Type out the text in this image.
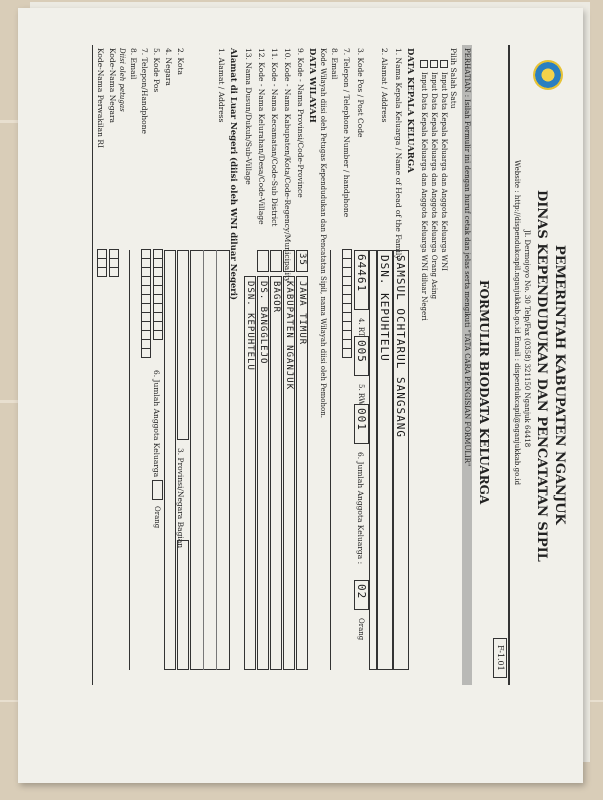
PEMERINTAH KABUPATEN NGANJUK
DINAS KEPENDUDUKAN DAN PENCATATAN SIPIL
Jl. Dermojoyo No. 30 Telp/Fax (0358) 321150 Nganjuk 64418
Website : http://dispendukcapil.nganjukkab.go.id Email : dispendukcapil@nganjukkab.go.id
F-1.01
FORMULIR BIODATA KELUARGA
PERHATIAN : Isilah Formulir ini dengan huruf cetak dan jelas serta mengikuti "TATA CARA PENGISIAN FORMULIR"
Pilih Salah Satu
Input Data Kepala Keluarga dan Anggota Keluarga WNI
Input Data Kepala Keluarga dan Anggota Keluarga Orang Asing
Input Data Kepala Keluarga dan Anggota Keluarga WNI diluar Negeri
DATA KEPALA KELUARGA
1. Nama Kepala Keluarga / Name of Head of the Family
SAMSUL OCHTARUL SANGSANG
2. Alamat / Address
DSN. KEPUHTELU
3. Kode Pos / Post Code
64461
4. RT
005
5. RW
001
6. Jumlah Anggota Keluarga :
02
Orang
7. Telepon / Telephone Number / handphone
8. Email
Kode Wilayah diisi oleh Petugas Kependudukan dan Pencatatan Sipil, nama Wilayah diisi oleh Pemohon.
DATA WILAYAH
9. Kode - Nama Provinsi/Code-Province
35
JAWA TIMUR
10. Kode - Nama Kabupaten/Kota/Code-Regency/Municipality
KABUPATEN NGANJUK
11. Kode - Nama Kecamatan/Code-Sub District
BAGOR
12. Kode - Nama Kelurahan/Desa/Code-Village
DS. BANGGLEJO
13. Nama Dusun/Dukuh/Sub-Village
DSN. KEPUHTELU
Alamat di Luar Negeri (diisi oleh WNI diluar Negeri)
1. Alamat / Address
2. Kota
3. Provinsi/Negara Bagian
4. Negara
5. Kode Pos
6. Jumlah Anggota Keluarga
Orang
7. Telepon/Handphone
8. Email
Diisi oleh petugas
Kode-Nama Negara
Kode-Nama Perwakilan RI
